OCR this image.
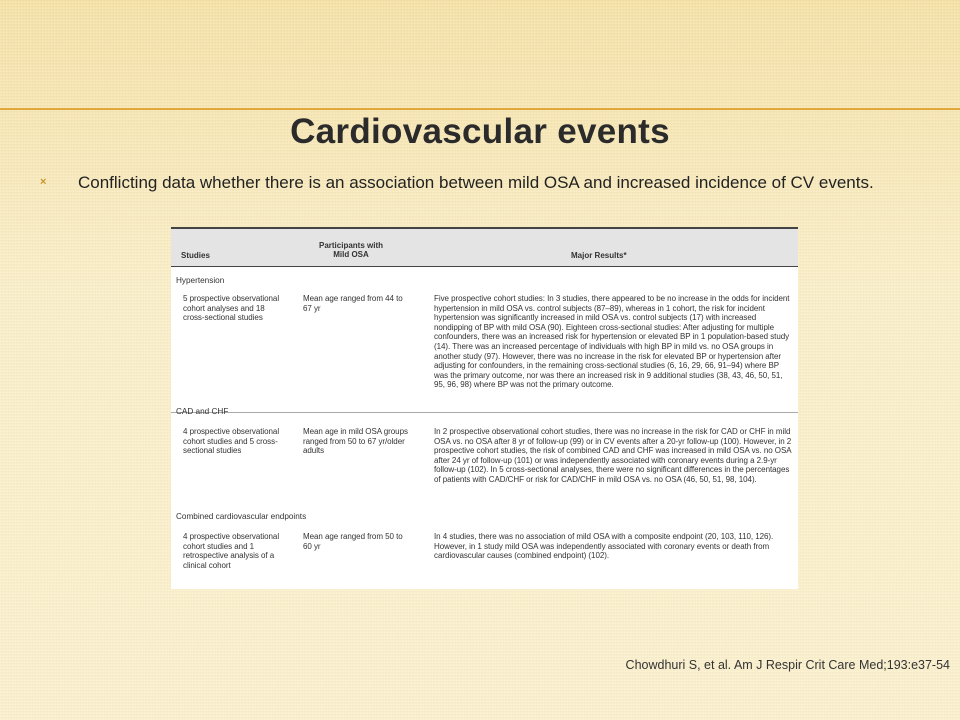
Cardiovascular events
× Conflicting data whether there is an association between mild OSA and increased incidence of CV events.
Studies
Participants with Mild OSA	Major Results*
Hypertension
5 prospective observational cohort analyses and 18 cross-sectional studies
Mean age ranged from 44 to 67 yr
Five prospective cohort studies: In 3 studies, there appeared to be no increase in the odds for incident hypertension in mild OSA vs. control subjects (87–89), whereas in 1 cohort, the risk for incident hypertension was significantly increased in mild OSA vs. control subjects (17) with increased nondipping of BP with mild OSA (90). Eighteen cross-sectional studies: After adjusting for multiple confounders, there was an increased risk for hypertension or elevated BP in 1 population-based study (14). There was an increased percentage of individuals with high BP in mild vs. no OSA groups in another study (97). However, there was no increase in the risk for elevated BP or hypertension after adjusting for confounders, in the remaining cross-sectional studies (6, 16, 29, 66, 91–94) where BP was the primary outcome, nor was there an increased risk in 9 additional studies (38, 43, 46, 50, 51, 95, 96, 98) where BP was not the primary outcome.
CAD and CHF
4 prospective observational cohort studies and 5 cross-sectional studies
Mean age in mild OSA groups ranged from 50 to 67 yr/older adults
In 2 prospective observational cohort studies, there was no increase in the risk for CAD or CHF in mild OSA vs. no OSA after 8 yr of follow-up (99) or in CV events after a 20-yr follow-up (100). However, in 2 prospective cohort studies, the risk of combined CAD and CHF was increased in mild OSA vs. no OSA after 24 yr of follow-up (101) or was independently associated with coronary events during a 2.9-yr follow-up (102). In 5 cross-sectional analyses, there were no significant differences in the percentages of patients with CAD/CHF or risk for CAD/CHF in mild OSA vs. no OSA (46, 50, 51, 98, 104).
Combined cardiovascular endpoints
4 prospective observational cohort studies and 1 retrospective analysis of a clinical cohort
Mean age ranged from 50 to 60 yr
In 4 studies, there was no association of mild OSA with a composite endpoint (20, 103, 110, 126). However, in 1 study mild OSA was independently associated with coronary events or death from cardiovascular causes (combined endpoint) (102).
Chowdhuri S, et al. Am J Respir Crit Care Med;193:e37-54
